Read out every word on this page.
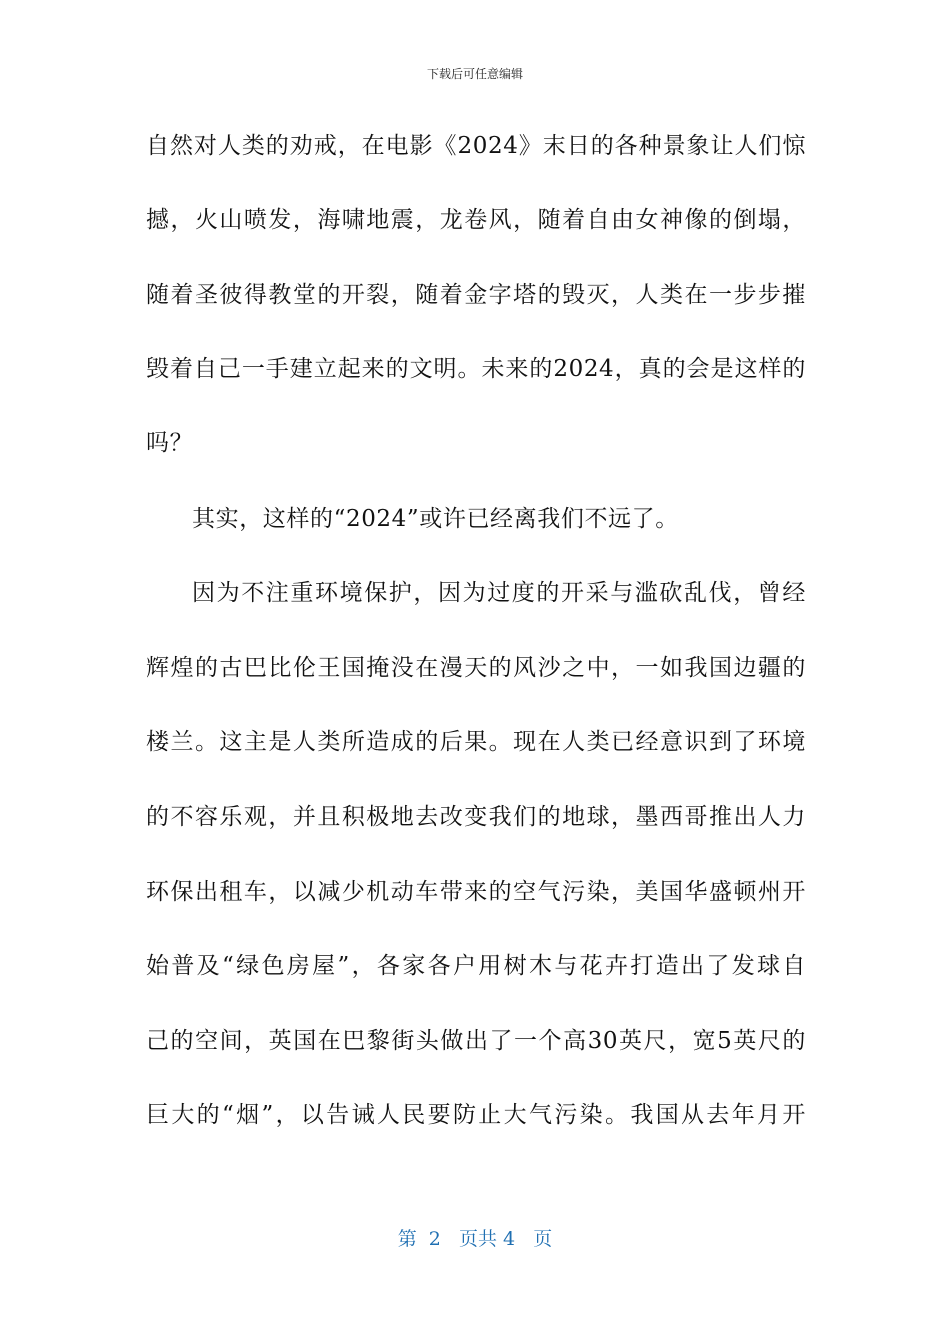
下载后可任意编辑
自然对人类的劝戒，在电影《2024》末日的各种景象让人们惊
撼，火山喷发，海啸地震，龙卷风，随着自由女神像的倒塌，
随着圣彼得教堂的开裂，随着金字塔的毁灭，人类在一步步摧
毁着自己一手建立起来的文明。未来的2024，真的会是这样的
吗？
其实，这样的“2024”或许已经离我们不远了。
因为不注重环境保护，因为过度的开采与滥砍乱伐，曾经
辉煌的古巴比伦王国掩没在漫天的风沙之中，一如我国边疆的
楼兰。这主是人类所造成的后果。现在人类已经意识到了环境
的不容乐观，并且积极地去改变我们的地球，墨西哥推出人力
环保出租车，以减少机动车带来的空气污染，美国华盛顿州开
始普及“绿色房屋”，各家各户用树木与花卉打造出了发球自
己的空间，英国在巴黎街头做出了一个高30英尺，宽5英尺的
巨大的“烟”，以告诫人民要防止大气污染。我国从去年月开
第  2   页共 4   页
